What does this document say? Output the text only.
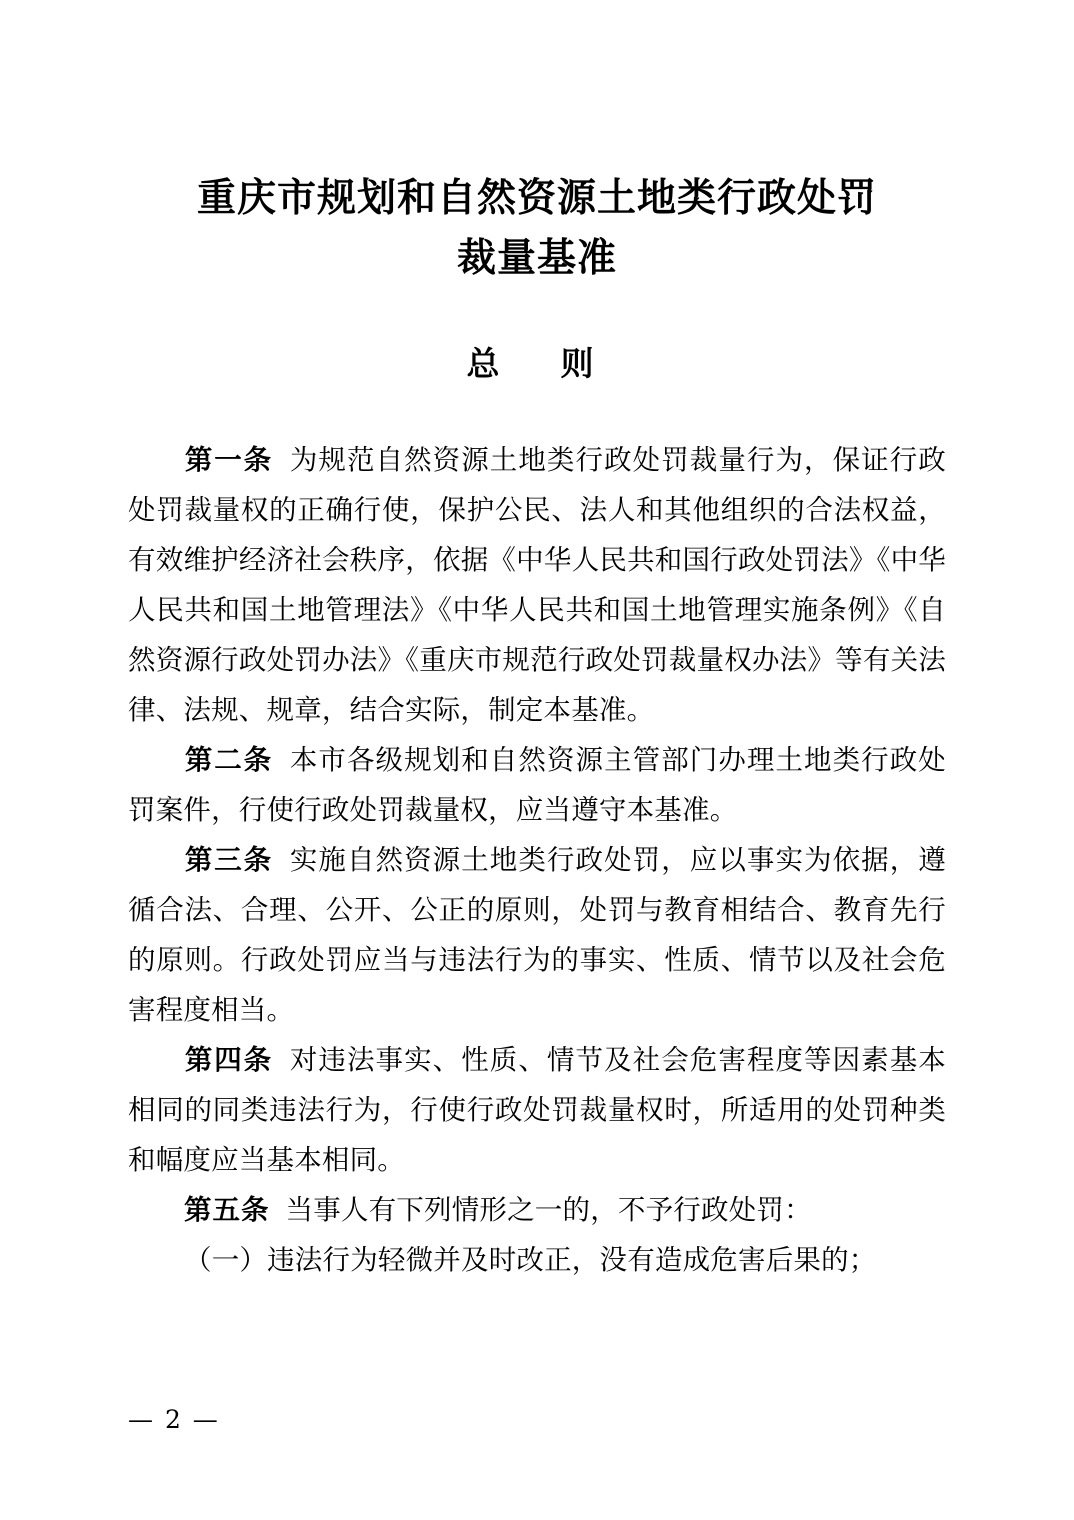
重庆市规划和自然资源土地类行政处罚
裁量基准
总　则

第一条 为规范自然资源土地类行政处罚裁量行为，保证行政处罚裁量权的正确行使，保护公民、法人和其他组织的合法权益，有效维护经济社会秩序，依据《中华人民共和国行政处罚法》《中华人民共和国土地管理法》《中华人民共和国土地管理实施条例》《自然资源行政处罚办法》《重庆市规范行政处罚裁量权办法》等有关法律、法规、规章，结合实际，制定本基准。

第二条 本市各级规划和自然资源主管部门办理土地类行政处罚案件，行使行政处罚裁量权，应当遵守本基准。

第三条 实施自然资源土地类行政处罚，应以事实为依据，遵循合法、合理、公开、公正的原则，处罚与教育相结合、教育先行的原则。行政处罚应当与违法行为的事实、性质、情节以及社会危害程度相当。

第四条 对违法事实、性质、情节及社会危害程度等因素基本相同的同类违法行为，行使行政处罚裁量权时，所适用的处罚种类和幅度应当基本相同。

第五条 当事人有下列情形之一的，不予行政处罚：

（一）违法行为轻微并及时改正，没有造成危害后果的；

— 2 —
